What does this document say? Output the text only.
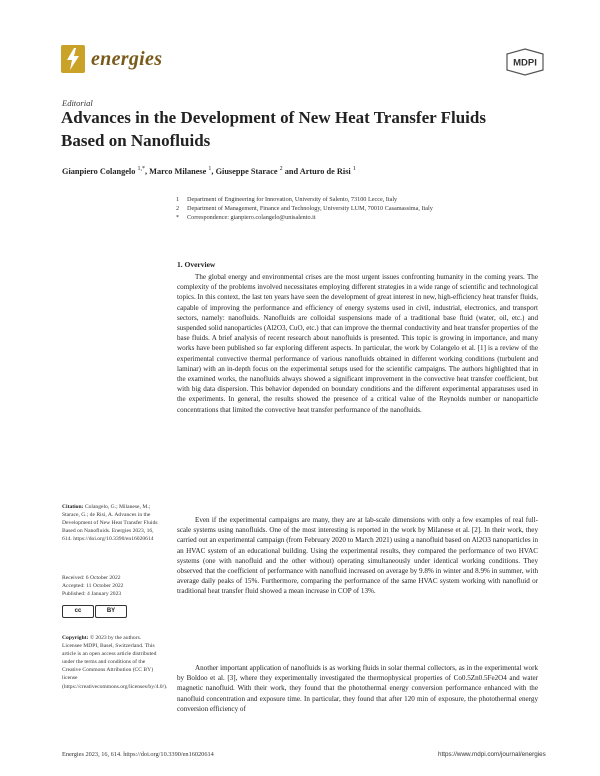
energies	MDPI
Editorial
Advances in the Development of New Heat Transfer Fluids Based on Nanofluids
Gianpiero Colangelo $^{1,*}$, Marco Milanese $^1$, Giuseppe Starace $^2$ and Arturo de Risi $^1$
1 Department of Engineering for Innovation, University of Salento, 73100 Lecce, Italy
2 Department of Management, Finance and Technology, University LUM, 70010 Casamassima, Italy
* Correspondence: gianpiero.colangelo@unisalento.it
Citation: Colangelo, G.; Milanese, M.; Starace, G.; de Risi, A. Advances in the Development of New Heat Transfer Fluids Based on Nanofluids. Energies 2023, 16, 614. https://doi.org/10.3390/en16020614
Received: 6 October 2022
Accepted: 11 October 2022
Published: 4 January 2023
cc	BY
Copyright: © 2023 by the authors. Licensee MDPI, Basel, Switzerland. This article is an open access article distributed under the terms and conditions of the Creative Commons Attribution (CC BY) license (https://creativecommons.org/licenses/by/4.0/).
1. Overview

The global energy and environmental crises are the most urgent issues confronting humanity in the coming years. The complexity of the problems involved necessitates employing different strategies in a wide range of scientific and technological topics. In this context, the last ten years have seen the development of great interest in new, high-efficiency heat transfer fluids, capable of improving the performance and efficiency of energy systems used in civil, industrial, electronics, and transport sectors, namely: nanofluids. Nanofluids are colloidal suspensions made of a traditional base fluid (water, oil, etc.) and suspended solid nanoparticles (Al2O3, CuO, etc.) that can improve the thermal conductivity and heat transfer properties of the base fluids. A brief analysis of recent research about nanofluids is presented. This topic is growing in importance, and many works have been published so far exploring different aspects. In particular, the work by Colangelo et al. [1] is a review of the experimental convective thermal performance of various nanofluids obtained in different working conditions (turbulent and laminar) with an in-depth focus on the experimental setups used for the scientific campaigns. The authors highlighted that in the examined works, the nanofluids always showed a significant improvement in the convective heat transfer coefficient, but with big data dispersion. This behavior depended on boundary conditions and the different experimental apparatuses used in the experiments. In general, the results showed the presence of a critical value of the Reynolds number or nanoparticle concentrations that limited the convective heat transfer performance of the nanofluids.

Even if the experimental campaigns are many, they are at lab-scale dimensions with only a few examples of real full-scale systems using nanofluids. One of the most interesting is reported in the work by Milanese et al. [2]. In their work, they carried out an experimental campaign (from February 2020 to March 2021) using a nanofluid based on Al2O3 nanoparticles in an HVAC system of an educational building. Using the experimental results, they compared the performance of two HVAC systems (one with nanofluid and the other without) operating simultaneously under identical working conditions. They observed that the coefficient of performance with nanofluid increased on average by 9.8% in winter and 8.9% in summer, with average daily peaks of 15%. Furthermore, comparing the performance of the same HVAC system working with nanofluid or traditional heat transfer fluid showed a mean increase in COP of 13%.

Another important application of nanofluids is as working fluids in solar thermal collectors, as in the experimental work by Boldoo et al. [3], where they experimentally investigated the thermophysical properties of Co0.5Zn0.5Fe2O4 and water magnetic nanofluid. With their work, they found that the photothermal energy conversion performance enhanced with the nanofluid concentration and exposure time. In particular, they found that after 120 min of exposure, the photothermal energy conversion efficiency of

Energies 2023, 16, 614. https://doi.org/10.3390/en16020614	https://www.mdpi.com/journal/energies
